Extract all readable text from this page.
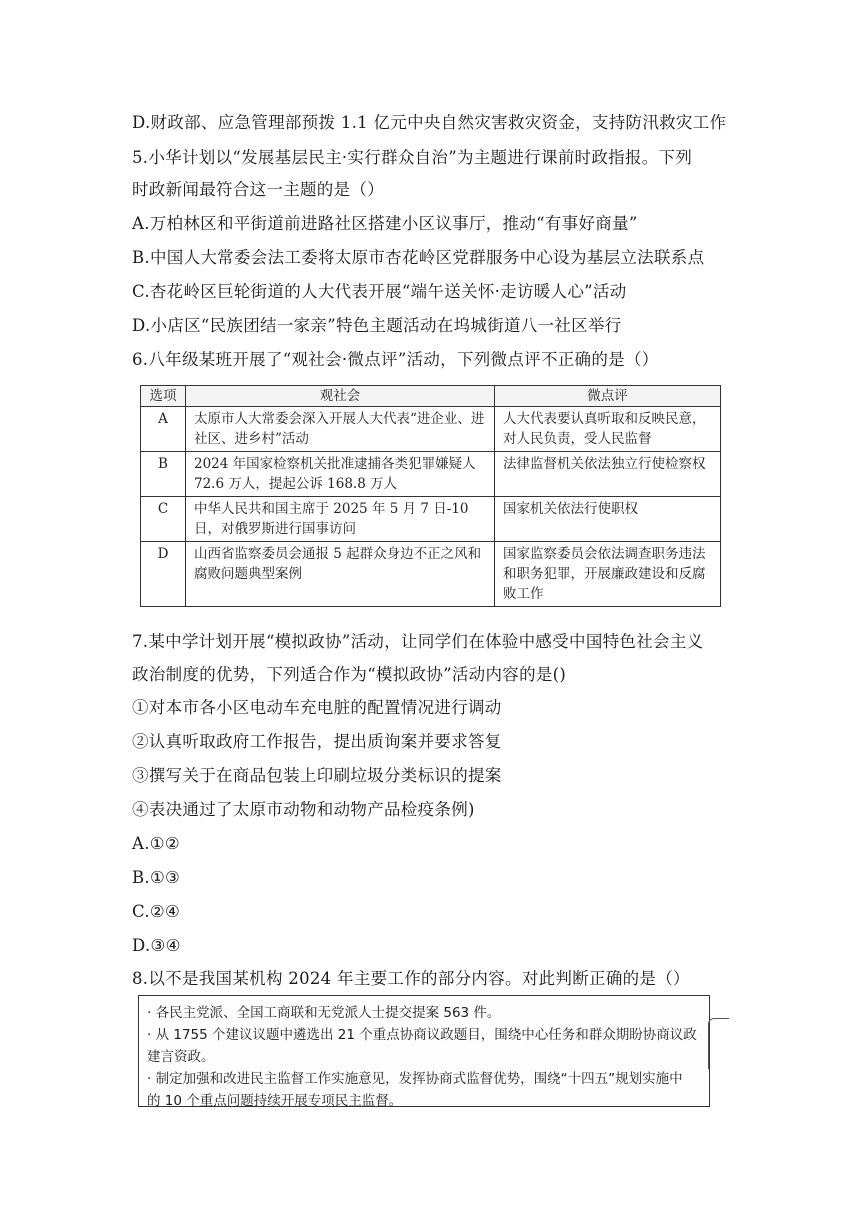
D.财政部、应急管理部预拨 1.1 亿元中央自然灾害救灾资金，支持防汛救灾工作
5.小华计划以“发展基层民主·实行群众自治”为主题进行课前时政指报。下列
时政新闻最符合这一主题的是（）
A.万柏林区和平街道前进路社区搭建小区议事厅，推动“有事好商量”
B.中国人大常委会法工委将太原市杏花岭区党群服务中心设为基层立法联系点
C.杏花岭区巨轮街道的人大代表开展“端午送关怀·走访暖人心”活动
D.小店区“民族团结一家亲”特色主题活动在坞城街道八一社区举行
6.八年级某班开展了“观社会·微点评”活动，下列微点评不正确的是（）
选项	观社会	微点评
A	太原市人大常委会深入开展人大代表“进企业、进社区、进乡村”活动	人大代表要认真听取和反映民意，对人民负责，受人民监督
B	2024 年国家检察机关批准逮捕各类犯罪嫌疑人 72.6 万人，提起公诉 168.8 万人	法律监督机关依法独立行使检察权
C	中华人民共和国主席于 2025 年 5 月 7 日-10 日，对俄罗斯进行国事访问	国家机关依法行使职权
D	山西省监察委员会通报 5 起群众身边不正之风和腐败问题典型案例	国家监察委员会依法调查职务违法和职务犯罪，开展廉政建设和反腐败工作
7.某中学计划开展“模拟政协”活动，让同学们在体验中感受中国特色社会主义
政治制度的优势，下列适合作为“模拟政协”活动内容的是()
①对本市各小区电动车充电脏的配置情况进行调动
②认真听取政府工作报告，提出质询案并要求答复
③撰写关于在商品包装上印刷垃圾分类标识的提案
④表决通过了太原市动物和动物产品检疫条例)
A.①②
B.①③
C.②④
D.③④
8.以不是我国某机构 2024 年主要工作的部分内容。对此判断正确的是（）
· 各民主党派、全国工商联和无党派人士提交提案 563 件。
· 从 1755 个建议议题中遴选出 21 个重点协商议政题目，围绕中心任务和群众期盼协商议政
建言资政。
· 制定加强和改进民主监督工作实施意见，发挥协商式监督优势，围绕“十四五”规划实施中
的 10 个重点问题持续开展专项民主监督。
